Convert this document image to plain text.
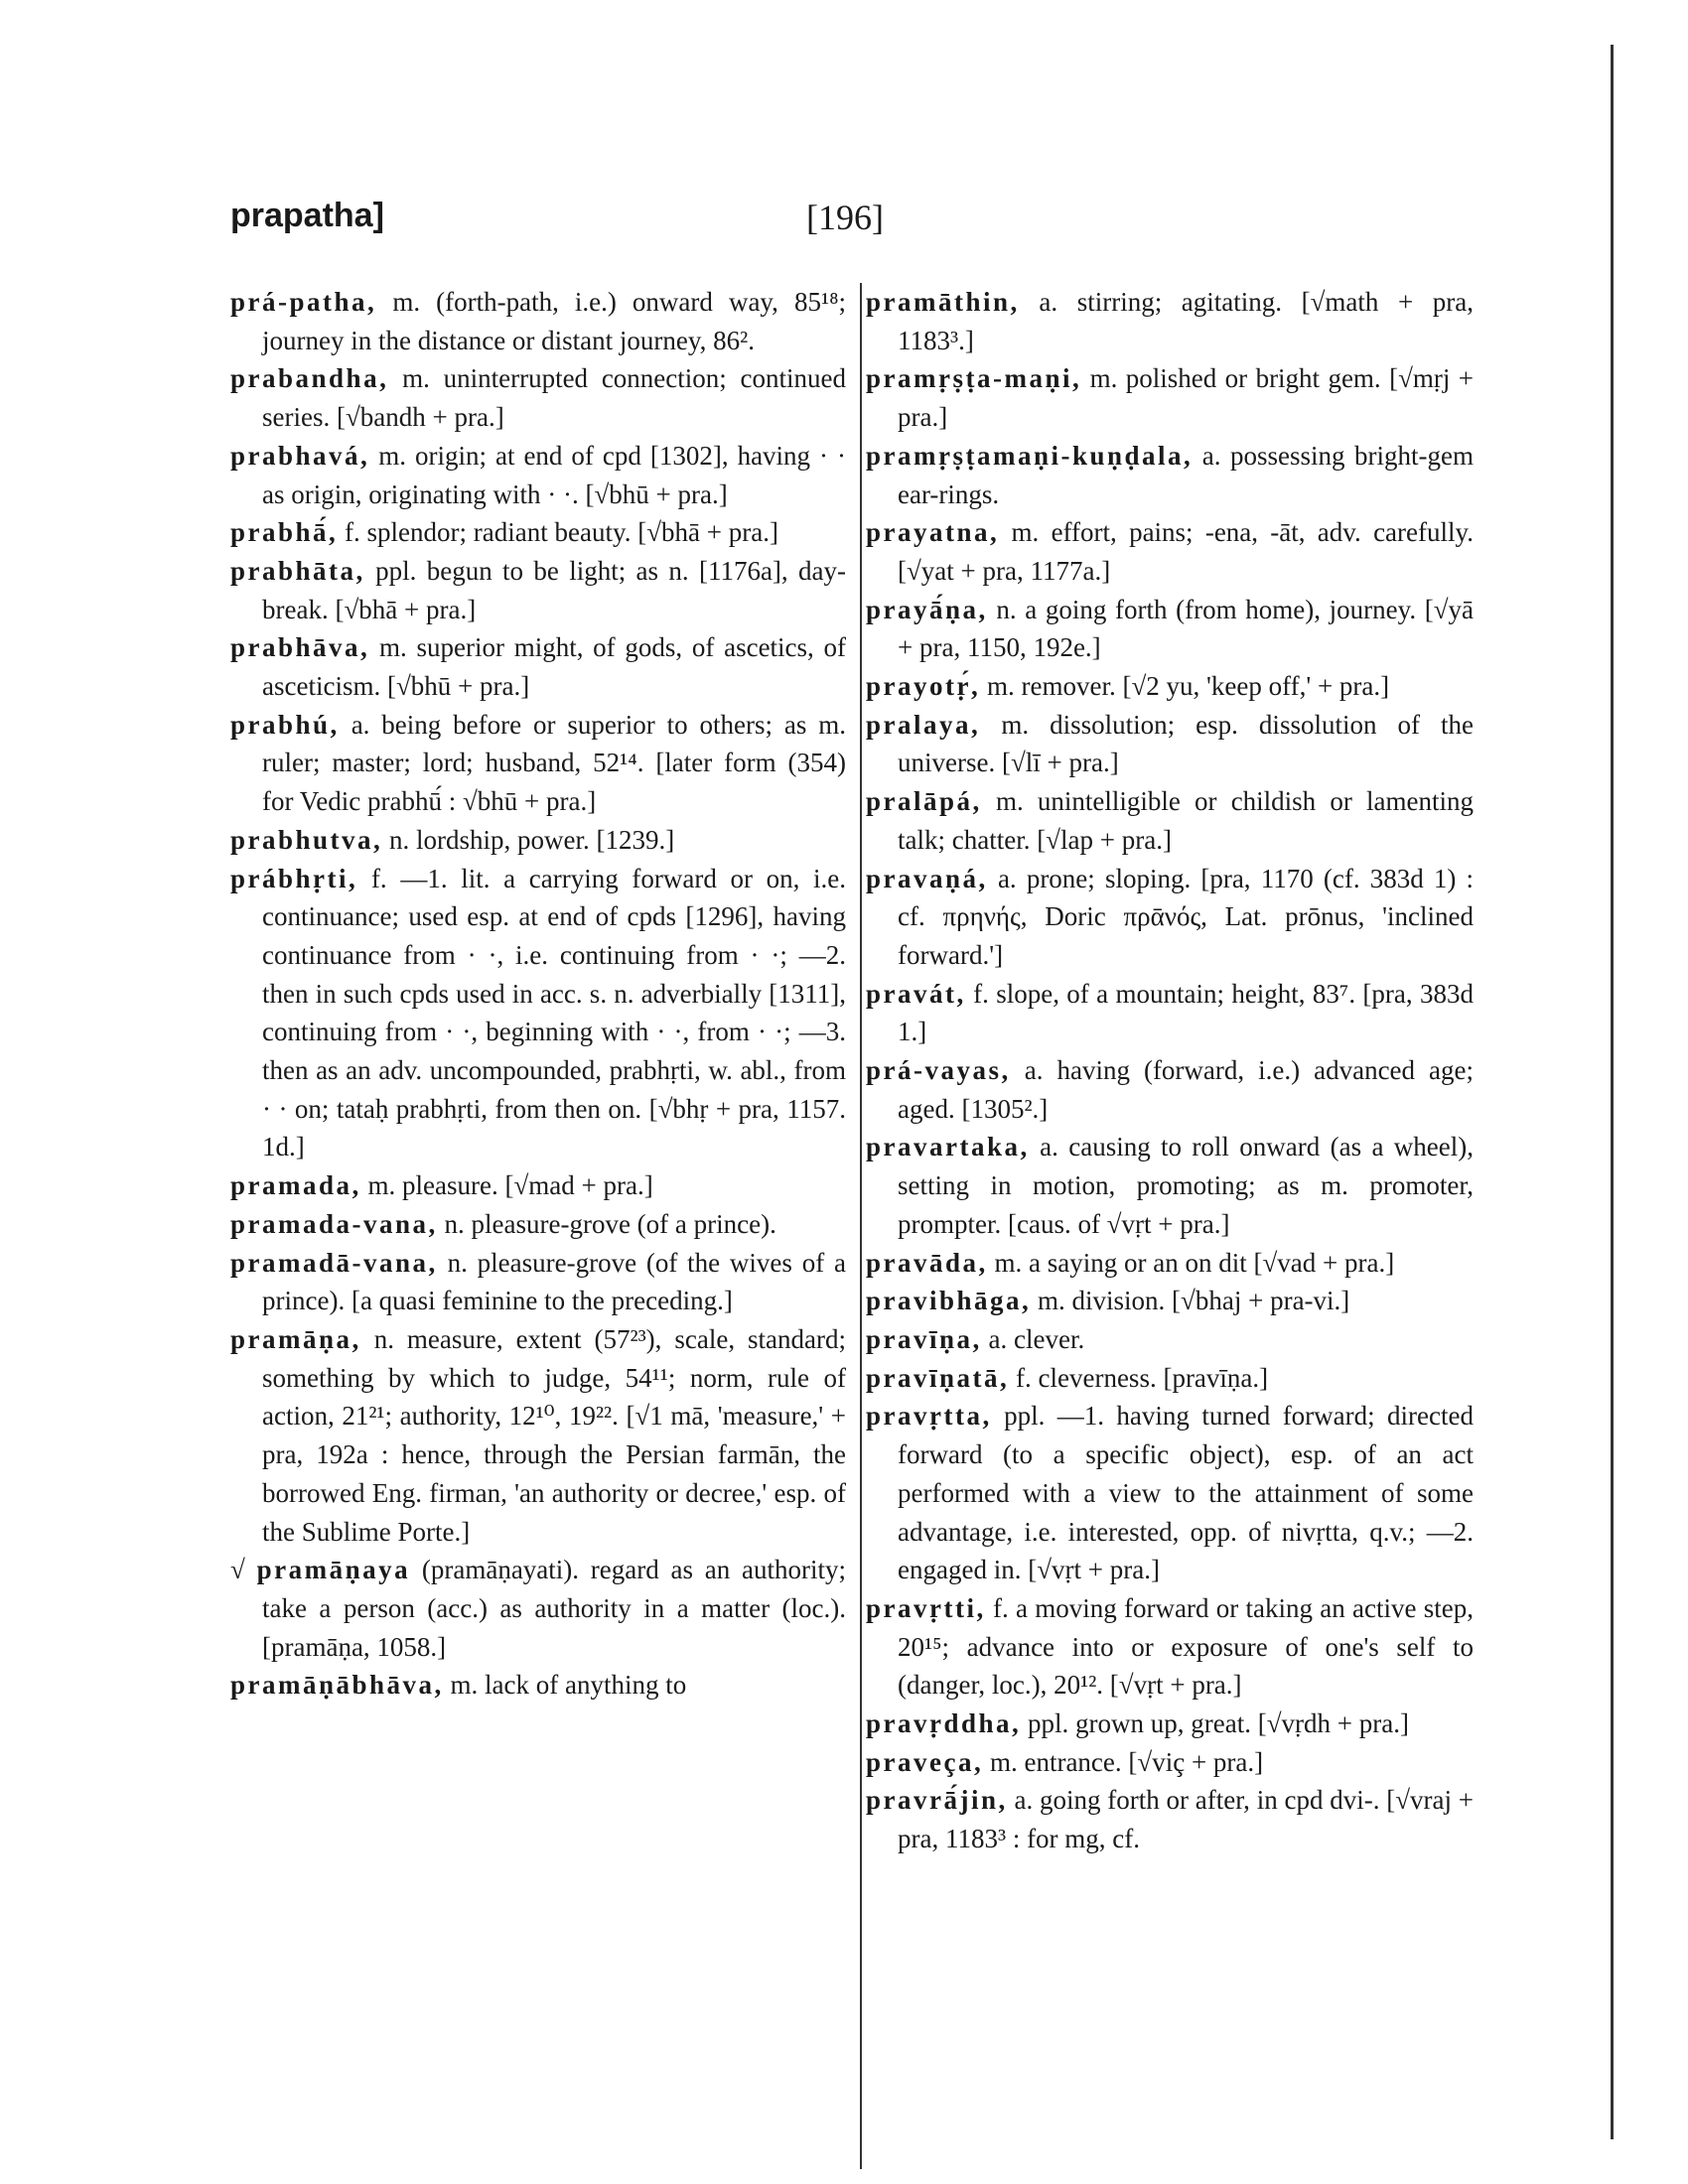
prapatha]	[196]

prá-patha, m. (forth-path, i.e.) onward way, 85¹⁸; journey in the distance or distant journey, 86².

prabandha, m. uninterrupted connection; continued series. [√bandh + pra.]

prabhavá, m. origin; at end of cpd [1302], having · · as origin, originating with · ·. [√bhū + pra.]

prabhā́, f. splendor; radiant beauty. [√bhā + pra.]

prabhāta, ppl. begun to be light; as n. [1176a], day-break. [√bhā + pra.]

prabhāva, m. superior might, of gods, of ascetics, of asceticism. [√bhū + pra.]

prabhú, a. being before or superior to others; as m. ruler; master; lord; husband, 52¹⁴. [later form (354) for Vedic prabhū́ : √bhū + pra.]

prabhutva, n. lordship, power. [1239.]

prábhṛti, f. —1. lit. a carrying forward or on, i.e. continuance; used esp. at end of cpds [1296], having continuance from · ·, i.e. continuing from · ·; —2. then in such cpds used in acc. s. n. adverbially [1311], continuing from · ·, beginning with · ·, from · ·; —3. then as an adv. uncompounded, prabhṛti, w. abl., from · · on; tataḥ prabhṛti, from then on. [√bhṛ + pra, 1157. 1d.]

pramada, m. pleasure. [√mad + pra.]

pramada-vana, n. pleasure-grove (of a prince).

pramadā-vana, n. pleasure-grove (of the wives of a prince). [a quasi feminine to the preceding.]

pramāṇa, n. measure, extent (57²³), scale, standard; something by which to judge, 54¹¹; norm, rule of action, 21²¹; authority, 12¹⁰, 19²². [√1 mā, 'measure,' + pra, 192a : hence, through the Persian farmān, the borrowed Eng. firman, 'an authority or decree,' esp. of the Sublime Porte.]

√ pramāṇaya (pramāṇayati). regard as an authority; take a person (acc.) as authority in a matter (loc.). [pramāṇa, 1058.]

pramāṇābhāva, m. lack of anything to

pramāthin, a. stirring; agitating. [√math + pra, 1183³.]

pramṛṣṭa-maṇi, m. polished or bright gem. [√mṛj + pra.]

pramṛṣṭamaṇi-kuṇḍala, a. possessing bright-gem ear-rings.

prayatna, m. effort, pains; -ena, -āt, adv. carefully. [√yat + pra, 1177a.]

prayā́ṇa, n. a going forth (from home), journey. [√yā + pra, 1150, 192e.]

prayotṛ́, m. remover. [√2 yu, 'keep off,' + pra.]

pralaya, m. dissolution; esp. dissolution of the universe. [√lī + pra.]

pralāpá, m. unintelligible or childish or lamenting talk; chatter. [√lap + pra.]

pravaṇá, a. prone; sloping. [pra, 1170 (cf. 383d 1) : cf. πρηνής, Doric πρᾱνός, Lat. prōnus, 'inclined forward.']

pravát, f. slope, of a mountain; height, 83⁷. [pra, 383d 1.]

prá-vayas, a. having (forward, i.e.) advanced age; aged. [1305².]

pravartaka, a. causing to roll onward (as a wheel), setting in motion, promoting; as m. promoter, prompter. [caus. of √vṛt + pra.]

pravāda, m. a saying or an on dit [√vad + pra.]

pravibhāga, m. division. [√bhaj + pra-vi.]

pravīṇa, a. clever.

pravīṇatā, f. cleverness. [pravīṇa.]

pravṛtta, ppl. —1. having turned forward; directed forward (to a specific object), esp. of an act performed with a view to the attainment of some advantage, i.e. interested, opp. of nivṛtta, q.v.; —2. engaged in. [√vṛt + pra.]

pravṛtti, f. a moving forward or taking an active step, 20¹⁵; advance into or exposure of one's self to (danger, loc.), 20¹². [√vṛt + pra.]

pravṛddha, ppl. grown up, great. [√vṛdh + pra.]

praveça, m. entrance. [√viç + pra.]

pravrā́jin, a. going forth or after, in cpd dvi-. [√vraj + pra, 1183³ : for mg, cf.
